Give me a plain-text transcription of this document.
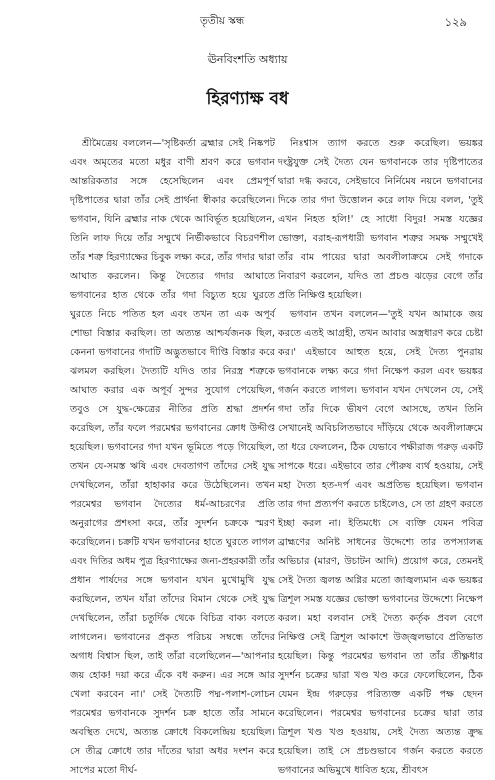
তৃতীয় স্কন্ধ	১২৯
ঊনবিংশতি অধ্যায়
হিরণ্যাক্ষ বধ

শ্রীমৈত্রেয় বললেন—'সৃষ্টিকর্তা ব্রহ্মার সেই নিষ্কপট এবং অমৃতের মতো মধুর বাণী শ্রবণ করে ভগবান আন্তরিকতার সঙ্গে হেসেছিলেন এবং প্রেমপূর্ণ দৃষ্টিপাতের দ্বারা তাঁর সেই প্রার্থনা স্বীকার করেছিলেন। ভগবান, যিনি ব্রহ্মার নাক থেকে আবির্ভূত হয়েছিলেন, তিনি লাফ দিয়ে তাঁর সম্মুখে নির্ভীকভাবে বিচরণশীল তাঁর শত্রু হিরণ্যাক্ষের চিবুক লক্ষ্য করে, তাঁর গদার দ্বারা আঘাত করলেন। কিন্তু দৈত্যের গদার আঘাতে ভগবানের হাত থেকে তাঁর গদা বিচ্যুত হয়ে ঘুরতে ঘুরতে নিচে পতিত হল এবং তখন তা এক অপূর্ব শোভা বিস্তার করছিল। তা অত্যন্ত আশ্চর্যজনক ছিল, কেননা ভগবানের গদাটি অদ্ভুতভাবে দীপ্তি বিস্তার করে ঝলমল করছিল। দৈত্যটি যদিও তার নিরস্ত্র শত্রুকে আঘাত করার এক অপূর্ব সুন্দর সুযোগ পেয়েছিল, তবুও সে যুদ্ধ-ক্ষেত্রের নীতির প্রতি শ্রদ্ধা প্রদর্শন করেছিল, তাঁর ফলে পরমেশ্বর ভগবানের ক্রোধ উদ্দীপ্ত হয়েছিল। ভগবানের গদা যখন ভূমিতে পড়ে গিয়েছিল, তখন যে-সমস্ত ঋষি এবং দেবতাগণ তাঁদের সেই যুদ্ধ দেখছিলেন, তাঁরা হাহাকার করে উঠেছিলেন। তখন পরমেশ্বর ভগবান দৈত্যের ধর্ম-আচরণের প্রতি অনুরাগের প্রশংসা করে, তাঁর সুদর্শন চক্রকে স্মরণ করেছিলেন। চক্রটি যখন ভগবানের হাতে ঘুরতে লাগল এবং দিতির অধম পুত্র হিরণ্যাক্ষের জন্য-প্রহরকারী তাঁর প্রধান পার্ষদের সঙ্গে ভগবান যখন মুখোমুখি যুদ্ধ করছিলেন, তখন যাঁরা তাঁদের বিমান থেকে সেই যুদ্ধ দেখছিলেন, তাঁরা চতুর্দিক থেকে বিচিত্র বাক্য বলতে লাগলেন। ভগবানের প্রকৃত পরিচয় সম্বন্ধে তাঁদের অগাধ বিশ্বাস ছিল, তাই তাঁরা বলেছিলেন—'আপনার জয় হোক! দয়া করে এঁকে বধ করুন। এর সঙ্গে আর খেলা করবেন না।' সেই দৈত্যটি পদ্ম-পলাশ-লোচন পরমেশ্বর ভগবানকে সুদর্শন চক্র হাতে তাঁর সামনে অবস্থিত দেখে, অত্যন্ত ক্রোধে বিকলেন্দ্রিয় হয়েছিল। সে তীব্র ক্রোধে তার দাঁতের দ্বারা অধর দংশন করে সাপের মতো দীর্ঘ-

নিঃশ্বাস ত্যাগ করতে শুরু করেছিল। ভয়ঙ্কর দংষ্ট্রযুক্ত সেই দৈত্য যেন ভগবানকে তার দৃষ্টিপাতের দ্বারা দগ্ধ করবে, সেইভাবে নির্নিমেষ নয়নে ভগবানের দিকে তার গদা উত্তোলন করে লাফ দিয়ে বলল, 'তুই এখন নিহত হলি!' হে সাধো বিদুর! সমস্ত যজ্ঞের ভোক্তা, বরাহ-রূপধারী ভগবান শত্রুর সমক্ষ সম্মুখেই তাঁর বাম পায়ের দ্বারা অবলীলাক্রমে সেই গদাকে নিবারণ করলেন, যদিও তা প্রচণ্ড ঝড়ের বেগে তাঁর প্রতি নিক্ষিপ্ত হয়েছিল।

ভগবান তখন বললেন—'তুই যখন আমাকে জয় করতে এতই আগ্রহী, তখন আবার অস্ত্রধারণ করে চেষ্টা কর।' এইভাবে আহুত হয়ে, সেই দৈত্য পুনরায় ভগবানকে লক্ষ্য করে গদা নিক্ষেপ করল এবং ভয়ঙ্কর গর্জন করতে লাগল। ভগবান যখন দেখলেন যে, সেই গদা তাঁর দিকে ভীষণ বেগে আসছে, তখন তিনি সেখানেই অবিচলিতভাবে দাঁড়িয়ে থেকে অবলীলাক্রমে তা ধরে ফেললেন, ঠিক যেভাবে পক্ষীরাজ গরুড় একটি সাপকে ধরে। এইভাবে তার পৌরুষ ব্যর্থ হওয়ায়, সেই মহা দৈত্য হত-দর্প এবং অপ্রতিভ হয়েছিল। ভগবান তার গদা প্রত্যর্পণ করতে চাইলেও, সে তা গ্রহণ করতে ইচ্ছা করল না। ইতিমধ্যে সে ব্যক্তি যেমন পবিত্র ব্রাহ্মণের অনিষ্ট সাধনের উদ্দেশ্যে তার তপস্যালব্ধ অভিচার (মারণ, উচাটন আদি) প্রয়োগ করে, তেমনই সেই দৈত্য জ্বলন্ত অগ্নির মতো জাজ্বল্যমান এক ভয়ঙ্কর ত্রিশূল সমস্ত যজ্ঞের ভোক্তা ভগবানের উদ্দেশ্যে নিক্ষেপ করল। মহা বলবান সেই দৈত্য কর্তৃক প্রবল বেগে নিক্ষিপ্ত সেই ত্রিশূল আকাশে উজ্জ্বলভাবে প্রতিভাত হয়েছিল। কিন্তু পরমেশ্বর ভগবান তা তাঁর তীক্ষ্ণধার সুদর্শন চক্রের দ্বারা খণ্ড খণ্ড করে ফেলেছিলেন, ঠিক যেমন ইন্দ্র গরুড়ের পরিত্যক্ত একটি পক্ষ ছেদন করেছিলেন। পরমেশ্বর ভগবানের চক্রের দ্বারা তার ত্রিশূল খণ্ড খণ্ড হওয়ায়, সেই দৈত্য অত্যন্ত ক্রুদ্ধ হয়েছিল। তাই সে প্রচণ্ডভাবে গর্জন করতে করতে ভগবানের অভিমুখে ধাবিত হয়ে, শ্রীবৎস
